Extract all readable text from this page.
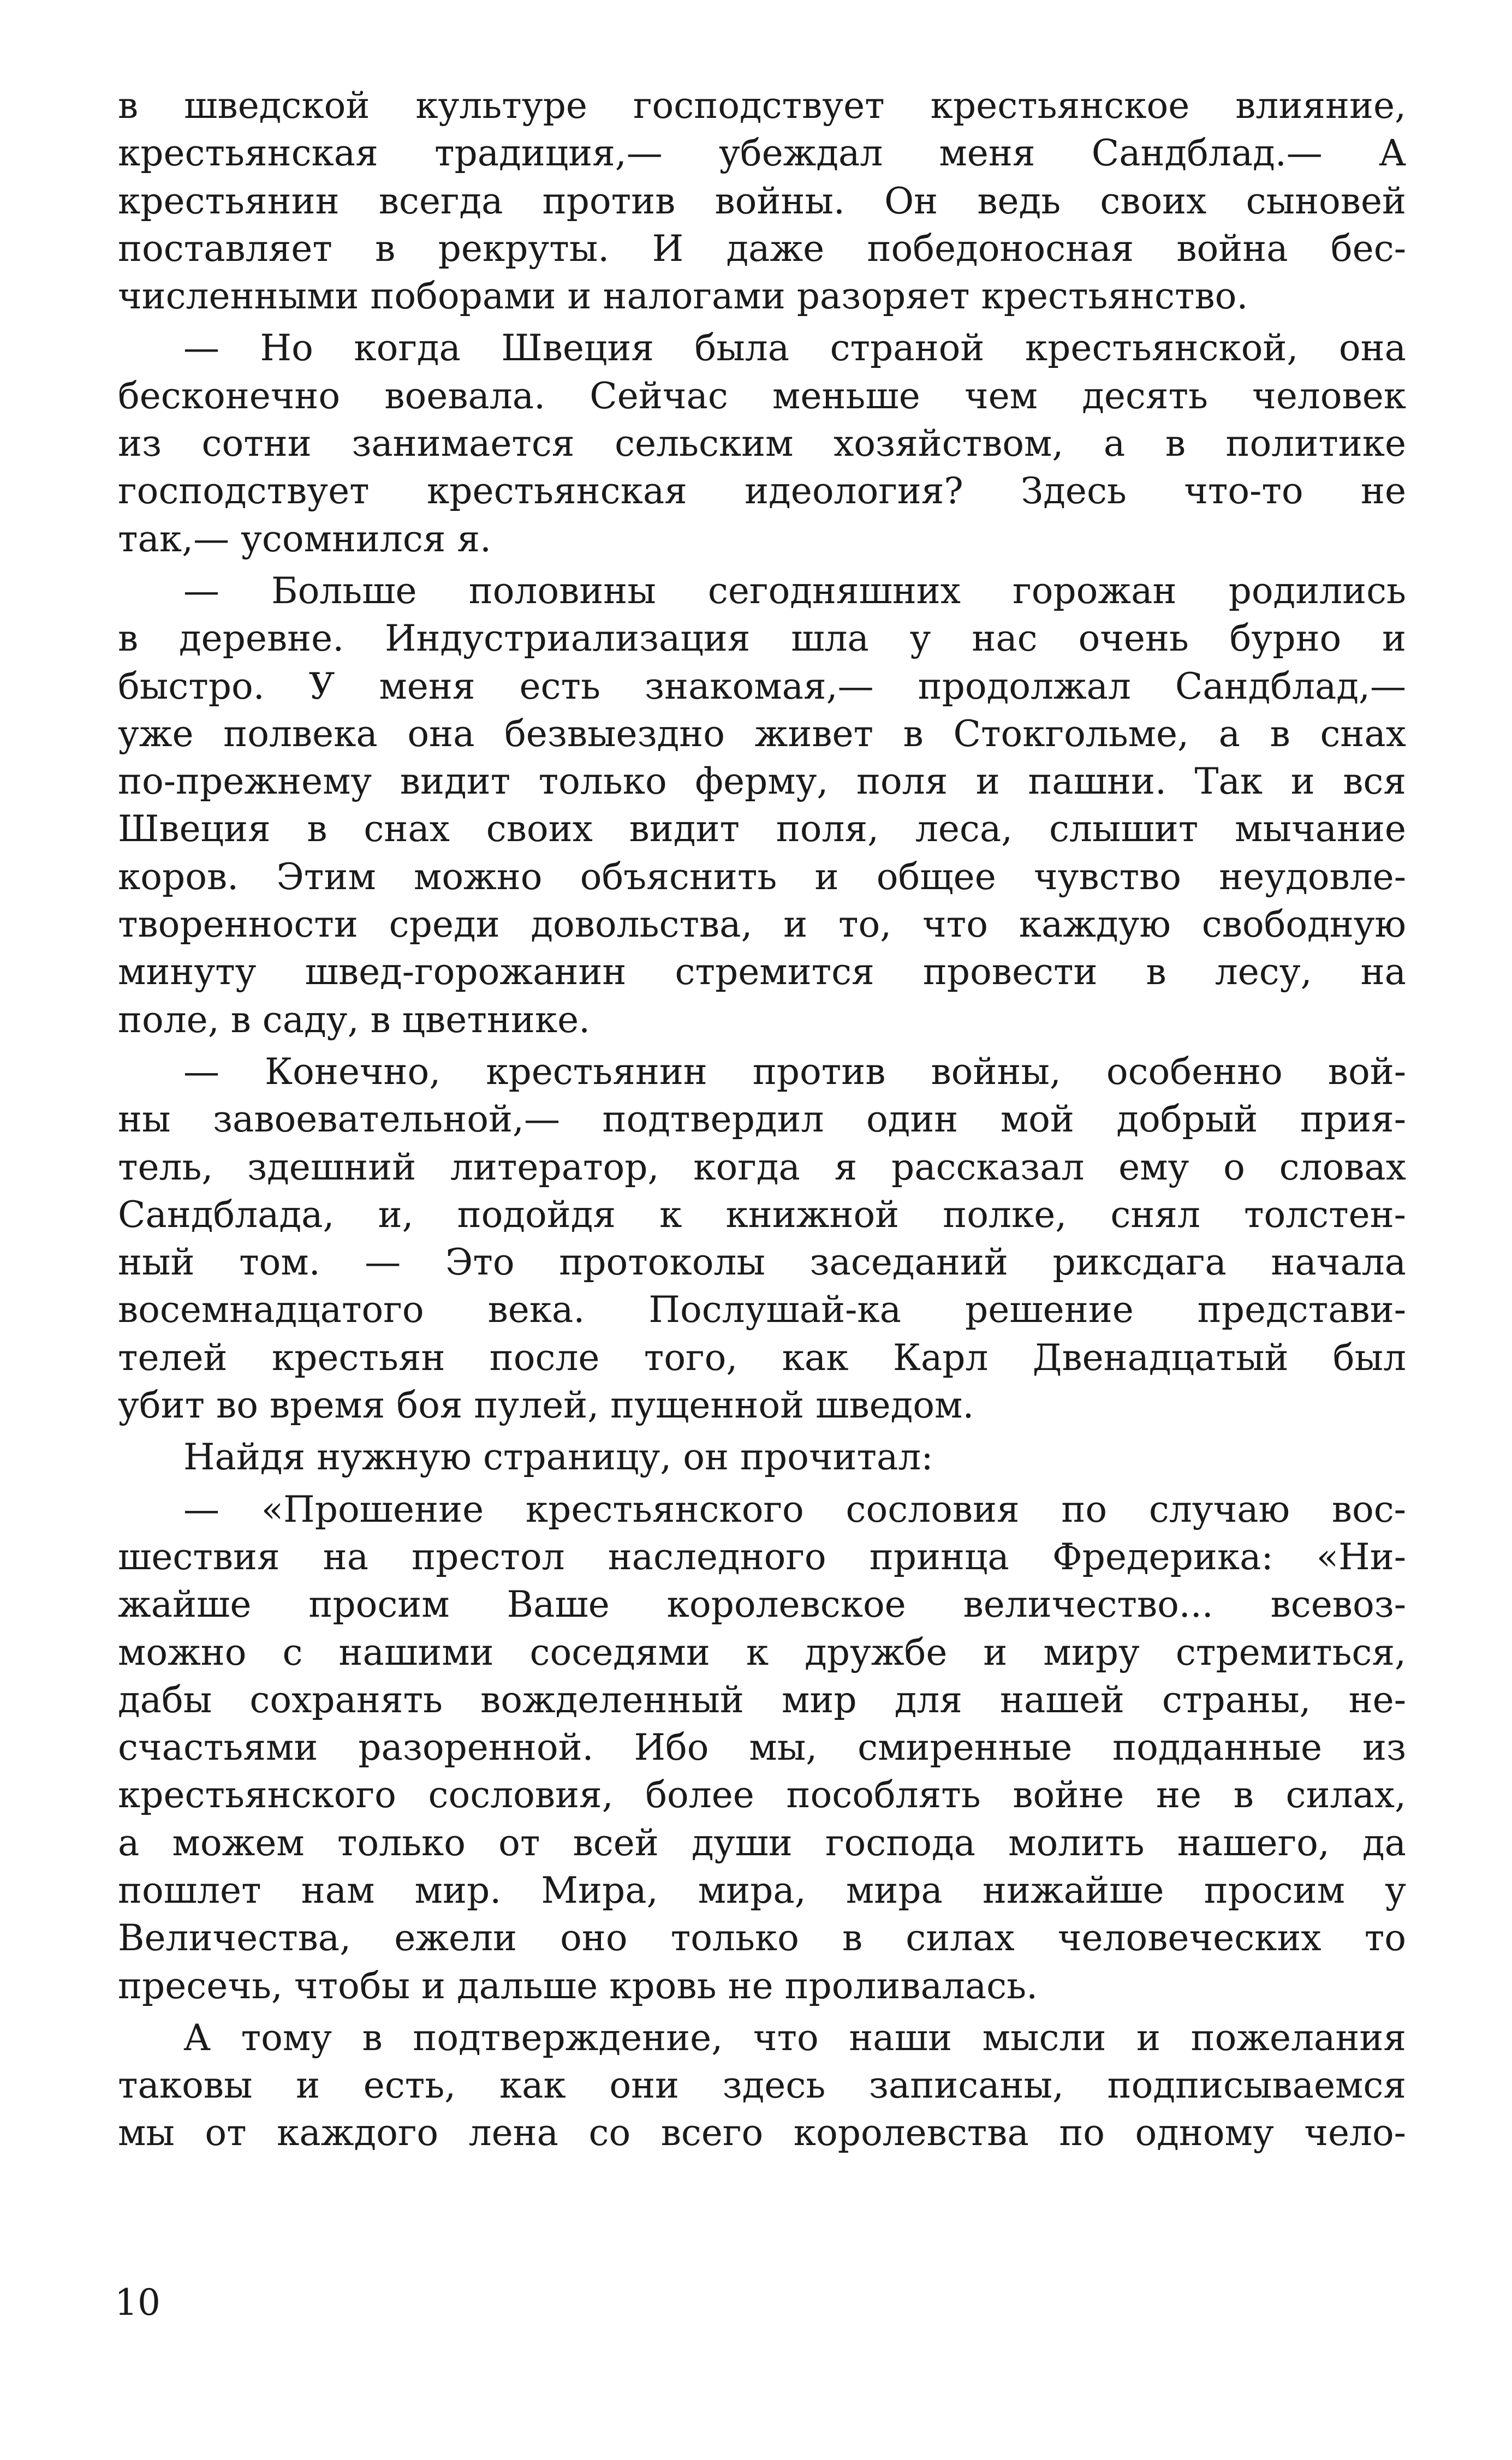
в шведской культуре господствует крестьянское влияние,
крестьянская традиция,— убеждал меня Сандблад.— А
крестьянин всегда против войны. Он ведь своих сыновей
поставляет в рекруты. И даже победоносная война бес-
численными поборами и налогами разоряет крестьянство.
— Но когда Швеция была страной крестьянской, она
бесконечно воевала. Сейчас меньше чем десять человек
из сотни занимается сельским хозяйством, а в политике
господствует крестьянская идеология? Здесь что-то не
так,— усомнился я.
— Больше половины сегодняшних горожан родились
в деревне. Индустриализация шла у нас очень бурно и
быстро. У меня есть знакомая,— продолжал Сандблад,—
уже полвека она безвыездно живет в Стокгольме, а в снах
по-прежнему видит только ферму, поля и пашни. Так и вся
Швеция в снах своих видит поля, леса, слышит мычание
коров. Этим можно объяснить и общее чувство неудовле-
творенности среди довольства, и то, что каждую свободную
минуту швед-горожанин стремится провести в лесу, на
поле, в саду, в цветнике.
— Конечно, крестьянин против войны, особенно вой-
ны завоевательной,— подтвердил один мой добрый прия-
тель, здешний литератор, когда я рассказал ему о словах
Сандблада, и, подойдя к книжной полке, снял толстен-
ный том. — Это протоколы заседаний риксдага начала
восемнадцатого века. Послушай-ка решение представи-
телей крестьян после того, как Карл Двенадцатый был
убит во время боя пулей, пущенной шведом.
Найдя нужную страницу, он прочитал:
— «Прошение крестьянского сословия по случаю вос-
шествия на престол наследного принца Фредерика: «Ни-
жайше просим Ваше королевское величество... всевоз-
можно с нашими соседями к дружбе и миру стремиться,
дабы сохранять вожделенный мир для нашей страны, не-
счастьями разоренной. Ибо мы, смиренные подданные из
крестьянского сословия, более пособлять войне не в силах,
а можем только от всей души господа молить нашего, да
пошлет нам мир. Мира, мира, мира нижайше просим у
Величества, ежели оно только в силах человеческих то
пресечь, чтобы и дальше кровь не проливалась.
А тому в подтверждение, что наши мысли и пожелания
таковы и есть, как они здесь записаны, подписываемся
мы от каждого лена со всего королевства по одному чело-
10
